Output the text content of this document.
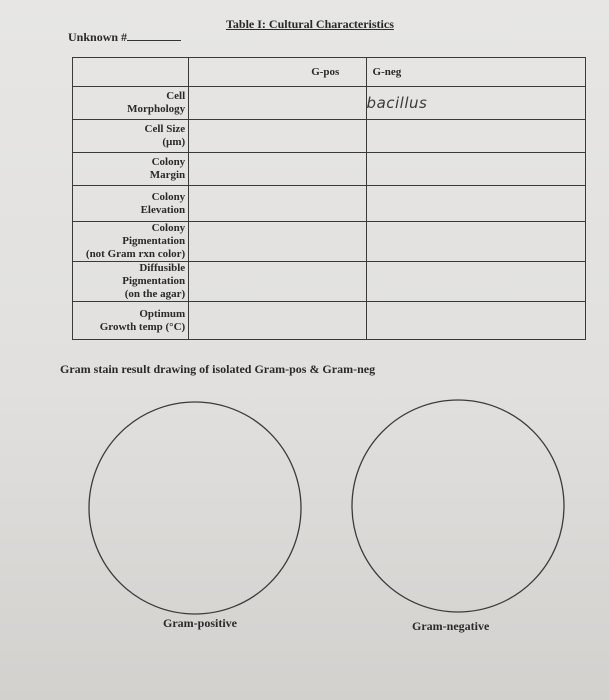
Table I: Cultural Characteristics
Unknown #

	G-pos	G-neg

Cell
Morphology		bacillus

Cell Size
(µm)		

Colony
Margin		

Colony
Elevation		

Colony
Pigmentation
(not Gram rxn color)		

Diffusible
Pigmentation
(on the agar)		

Optimum
Growth temp (°C)		

Gram stain result drawing of isolated Gram-pos & Gram-neg
Gram-positive	Gram-negative
